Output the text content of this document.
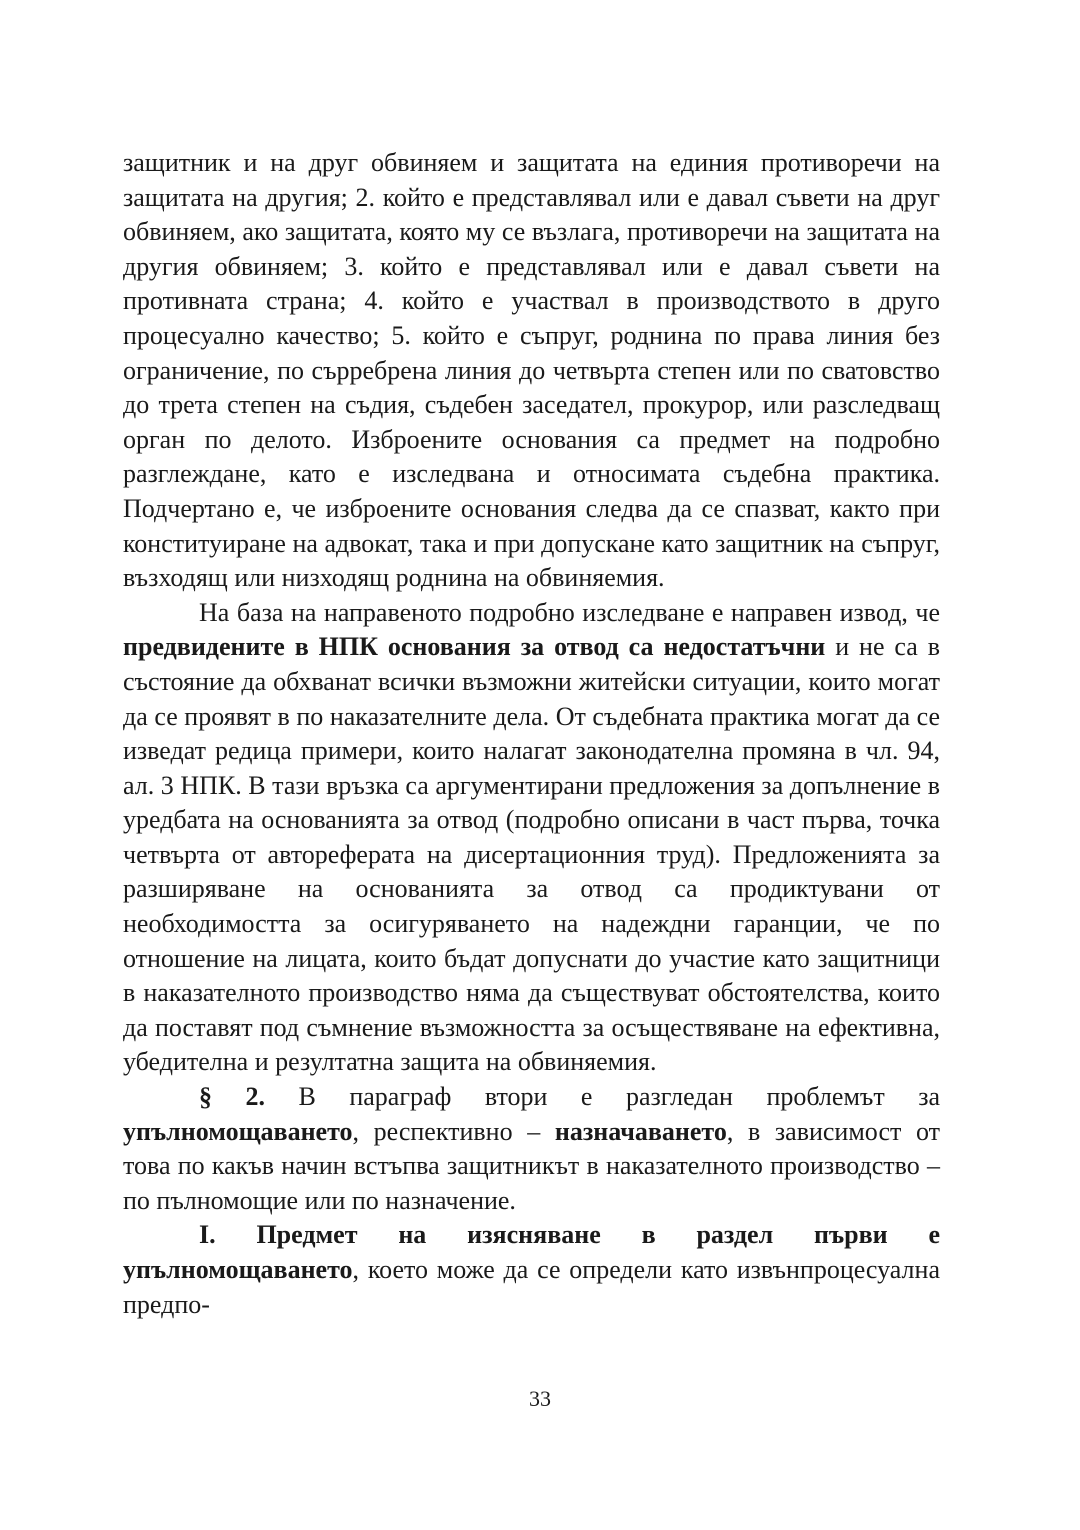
защитник и на друг обвиняем и защитата на единия противоречи на защитата на другия; 2. който е представлявал или е давал съвети на друг обвиняем, ако защитата, която му се възлага, противоречи на защитата на другия обвиняем; 3. който е представлявал или е давал съвети на противната страна; 4. който е участвал в производството в друго процесуално качество; 5. който е съпруг, роднина по права линия без ограничение, по сърребрена линия до четвърта степен или по сватовство до трета степен на съдия, съдебен заседател, прокурор, или разследващ орган по делото. Изброените основания са предмет на подробно разглеждане, като е изследвана и относимата съдебна практика. Подчертано е, че изброените основания следва да се спазват, както при конституиране на адвокат, така и при допускане като защитник на съпруг, възходящ или низходящ роднина на обвиняемия.

На база на направеното подробно изследване е направен извод, че предвидените в НПК основания за отвод са недостатъчни и не са в състояние да обхванат всички възможни житейски ситуации, които могат да се проявят в по наказателните дела. От съдебната практика могат да се изведат редица примери, които налагат законодателна промяна в чл. 94, ал. 3 НПК. В тази връзка са аргументирани предложения за допълнение в уредбата на основанията за отвод (подробно описани в част първа, точка четвърта от автореферата на дисертационния труд). Предложенията за разширяване на основанията за отвод са продиктувани от необходимостта за осигуряването на надеждни гаранции, че по отношение на лицата, които бъдат допуснати до участие като защитници в наказателното производство няма да съществуват обстоятелства, които да поставят под съмнение възможността за осъществяване на ефективна, убедителна и резултатна защита на обвиняемия.

§ 2. В параграф втори е разгледан проблемът за упълномощаването, респективно – назначаването, в зависимост от това по какъв начин встъпва защитникът в наказателното производство – по пълномощие или по назначение.

I. Предмет на изясняване в раздел първи е упълномощаването, което може да се определи като извънпроцесуална предпо-

33
